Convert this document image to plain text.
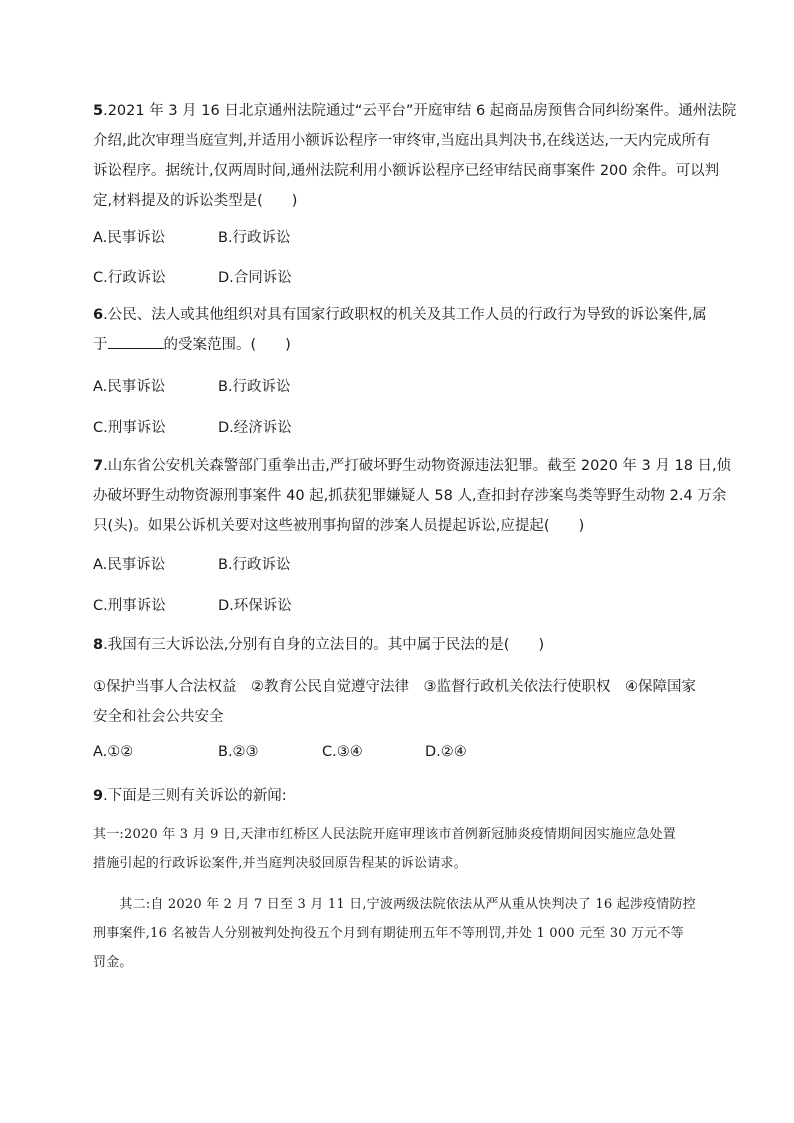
5.2021 年 3 月 16 日北京通州法院通过“云平台”开庭审结 6 起商品房预售合同纠纷案件。通州法院
介绍,此次审理当庭宣判,并适用小额诉讼程序一审终审,当庭出具判决书,在线送达,一天内完成所有
诉讼程序。据统计,仅两周时间,通州法院利用小额诉讼程序已经审结民商事案件 200 余件。可以判
定,材料提及的诉讼类型是(　　)
A.民事诉讼	B.行政诉讼
C.行政诉讼	D.合同诉讼
6.公民、法人或其他组织对具有国家行政职权的机关及其工作人员的行政行为导致的诉讼案件,属
于	的受案范围。(　　)
A.民事诉讼	B.行政诉讼
C.刑事诉讼	D.经济诉讼
7.山东省公安机关森警部门重拳出击,严打破坏野生动物资源违法犯罪。截至 2020 年 3 月 18 日,侦
办破坏野生动物资源刑事案件 40 起,抓获犯罪嫌疑人 58 人,查扣封存涉案鸟类等野生动物 2.4 万余
只(头)。如果公诉机关要对这些被刑事拘留的涉案人员提起诉讼,应提起(　　)
A.民事诉讼	B.行政诉讼
C.刑事诉讼	D.环保诉讼
8.我国有三大诉讼法,分别有自身的立法目的。其中属于民法的是(　　)
①保护当事人合法权益　②教育公民自觉遵守法律　③监督行政机关依法行使职权　④保障国家
安全和社会公共安全
A.①②	B.②③	C.③④	D.②④
9.下面是三则有关诉讼的新闻:
其一:2020 年 3 月 9 日,天津市红桥区人民法院开庭审理该市首例新冠肺炎疫情期间因实施应急处置
措施引起的行政诉讼案件,并当庭判决驳回原告程某的诉讼请求。
　　其二:自 2020 年 2 月 7 日至 3 月 11 日,宁波两级法院依法从严从重从快判决了 16 起涉疫情防控
刑事案件,16 名被告人分别被判处拘役五个月到有期徒刑五年不等刑罚,并处 1 000 元至 30 万元不等
罚金。
